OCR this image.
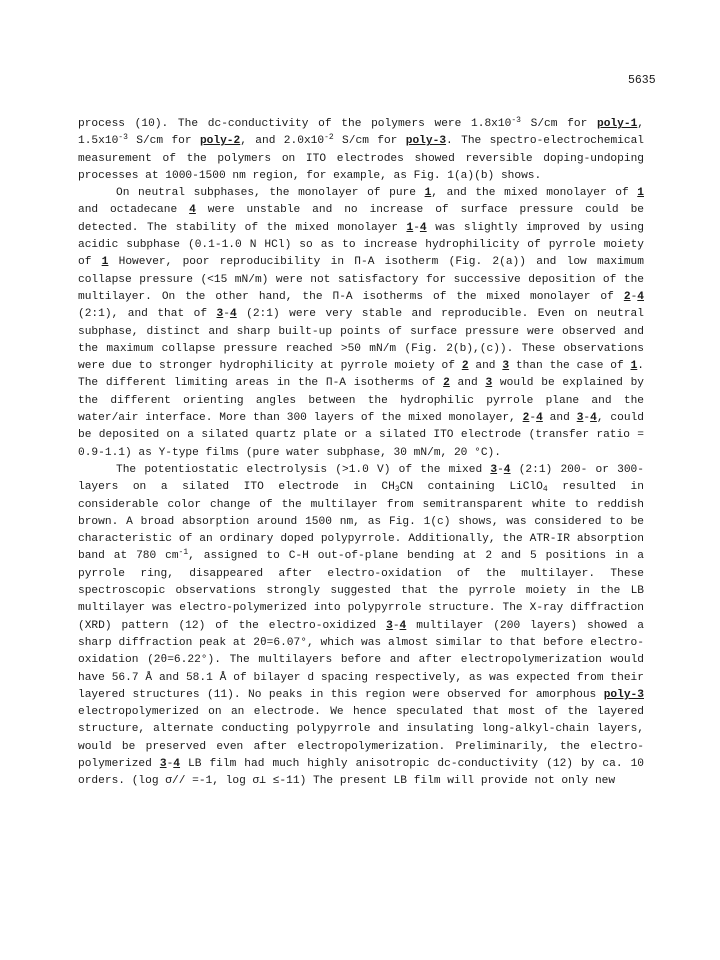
5635

process (10). The dc-conductivity of the polymers were $1.8x10^{-3}$ S/cm for poly-1, $1.5x10^{-3}$ S/cm for poly-2, and $2.0x10^{-2}$ S/cm for poly-3. The spectro-electrochemical measurement of the polymers on ITO electrodes showed reversible doping-undoping processes at 1000-1500 nm region, for example, as Fig. 1(a)(b) shows.

On neutral subphases, the monolayer of pure 1, and the mixed monolayer of 1 and octadecane 4 were unstable and no increase of surface pressure could be detected. The stability of the mixed monolayer 1-4 was slightly improved by using acidic subphase (0.1-1.0 N HCl) so as to increase hydrophilicity of pyrrole moiety of 1 However, poor reproducibility in Π-A isotherm (Fig. 2(a)) and low maximum collapse pressure (<15 mN/m) were not satisfactory for successive deposition of the multilayer. On the other hand, the Π-A isotherms of the mixed monolayer of 2-4 (2:1), and that of 3-4 (2:1) were very stable and reproducible. Even on neutral subphase, distinct and sharp built-up points of surface pressure were observed and the maximum collapse pressure reached >50 mN/m (Fig. 2(b),(c)). These observations were due to stronger hydrophilicity at pyrrole moiety of 2 and 3 than the case of 1. The different limiting areas in the Π-A isotherms of 2 and 3 would be explained by the different orienting angles between the hydrophilic pyrrole plane and the water/air interface. More than 300 layers of the mixed monolayer, 2-4 and 3-4, could be deposited on a silated quartz plate or a silated ITO electrode (transfer ratio = 0.9-1.1) as Y-type films (pure water subphase, 30 mN/m, 20 °C).

The potentiostatic electrolysis (>1.0 V) of the mixed 3-4 (2:1) 200- or 300-layers on a silated ITO electrode in $CH_3CN$ containing LiClO$_4$ resulted in considerable color change of the multilayer from semitransparent white to reddish brown. A broad absorption around 1500 nm, as Fig. 1(c) shows, was considered to be characteristic of an ordinary doped polypyrrole. Additionally, the ATR-IR absorption band at 780 $cm^{-1}$, assigned to C-H out-of-plane bending at 2 and 5 positions in a pyrrole ring, disappeared after electro-oxidation of the multilayer. These spectroscopic observations strongly suggested that the pyrrole moiety in the LB multilayer was electro-polymerized into polypyrrole structure. The X-ray diffraction (XRD) pattern (12) of the electro-oxidized 3-4 multilayer (200 layers) showed a sharp diffraction peak at 2θ=6.07°, which was almost similar to that before electro-oxidation (2θ=6.22°). The multilayers before and after electropolymerization would have 56.7 Å and 58.1 Å of bilayer d spacing respectively, as was expected from their layered structures (11). No peaks in this region were observed for amorphous poly-3 electropolymerized on an electrode. We hence speculated that most of the layered structure, alternate conducting polypyrrole and insulating long-alkyl-chain layers, would be preserved even after electropolymerization. Preliminarily, the electro-polymerized 3-4 LB film had much highly anisotropic dc-conductivity (12) by ca. 10 orders. (log σ// =-1, log σ⊥ ≤-11) The present LB film will provide not only new
